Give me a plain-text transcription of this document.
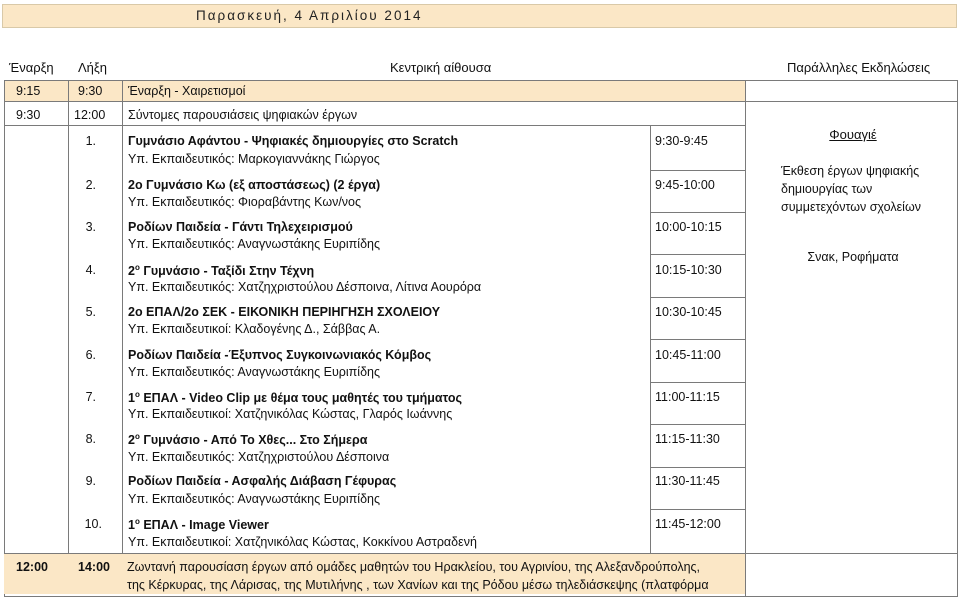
Παρασκευή, 4 Απριλίου 2014
Έναρξη Λήξη	Κεντρική αίθουσα	Παράλληλες Εκδηλώσεις
9:15	9:30 Έναρξη - Χαιρετισμοί
9:30	12:00 Σύντομες παρουσιάσεις ψηφιακών έργων
1.	Γυμνάσιο Αφάντου - Ψηφιακές δημιουργίες στο Scratch
Υπ. Εκπαιδευτικός: Μαρκογιαννάκης Γιώργος
9:30-9:45
2.	2ο Γυμνάσιο Κω (εξ αποστάσεως) (2 έργα)
Υπ. Εκπαιδευτικός: Φιοραβάντης Κων/νος
9:45-10:00
3.	Ροδίων Παιδεία - Γάντι Τηλεχειρισμού
Υπ. Εκπαιδευτικός: Αναγνωστάκης Ευριπίδης
10:00-10:15
4.	$2^o$ Γυμνάσιο - Ταξίδι Στην Τέχνη
Υπ. Εκπαιδευτικός: Χατζηχριστούλου Δέσποινα, Λίτινα Αουρόρα
10:15-10:30
5.	2ο ΕΠΑΛ/2ο ΣΕΚ - ΕΙΚΟΝΙΚΗ ΠΕΡΙΗΓΗΣΗ ΣΧΟΛΕΙΟΥ
Υπ. Εκπαιδευτικοί: Κλαδογένης Δ., Σάββας Α.
10:30-10:45
6.	Ροδίων Παιδεία -Έξυπνος Συγκοινωνιακός Κόμβος
Υπ. Εκπαιδευτικός: Αναγνωστάκης Ευριπίδης
10:45-11:00
7.	$1^o$ ΕΠΑΛ - Video Clip με θέμα τους μαθητές του τμήματος
Υπ. Εκπαιδευτικοί: Χατζηνικόλας Κώστας, Γλαρός Ιωάννης
11:00-11:15
8.	$2^o$ Γυμνάσιο - Από Το Χθες... Στο Σήμερα
Υπ. Εκπαιδευτικός: Χατζηχριστούλου Δέσποινα
11:15-11:30
9.	Ροδίων Παιδεία - Ασφαλής Διάβαση Γέφυρας
Υπ. Εκπαιδευτικός: Αναγνωστάκης Ευριπίδης
11:30-11:45
10. $1^o$ ΕΠΑΛ - Image Viewer
Υπ. Εκπαιδευτικοί: Χατζηνικόλας Κώστας, Κοκκίνου Αστραδενή
11:45-12:00
Φουαγιέ
Έκθεση έργων ψηφιακής δημιουργίας των συμμετεχόντων σχολείων
Σνακ, Ροφήματα
12:00 14:00 Ζωντανή παρουσίαση έργων από ομάδες μαθητών του Ηρακλείου, του Αγρινίου, της Αλεξανδρούπολης,
της Κέρκυρας, της Λάρισας, της Μυτιλήνης , των Χανίων και της Ρόδου μέσω τηλεδιάσκεψης (πλατφόρμα
